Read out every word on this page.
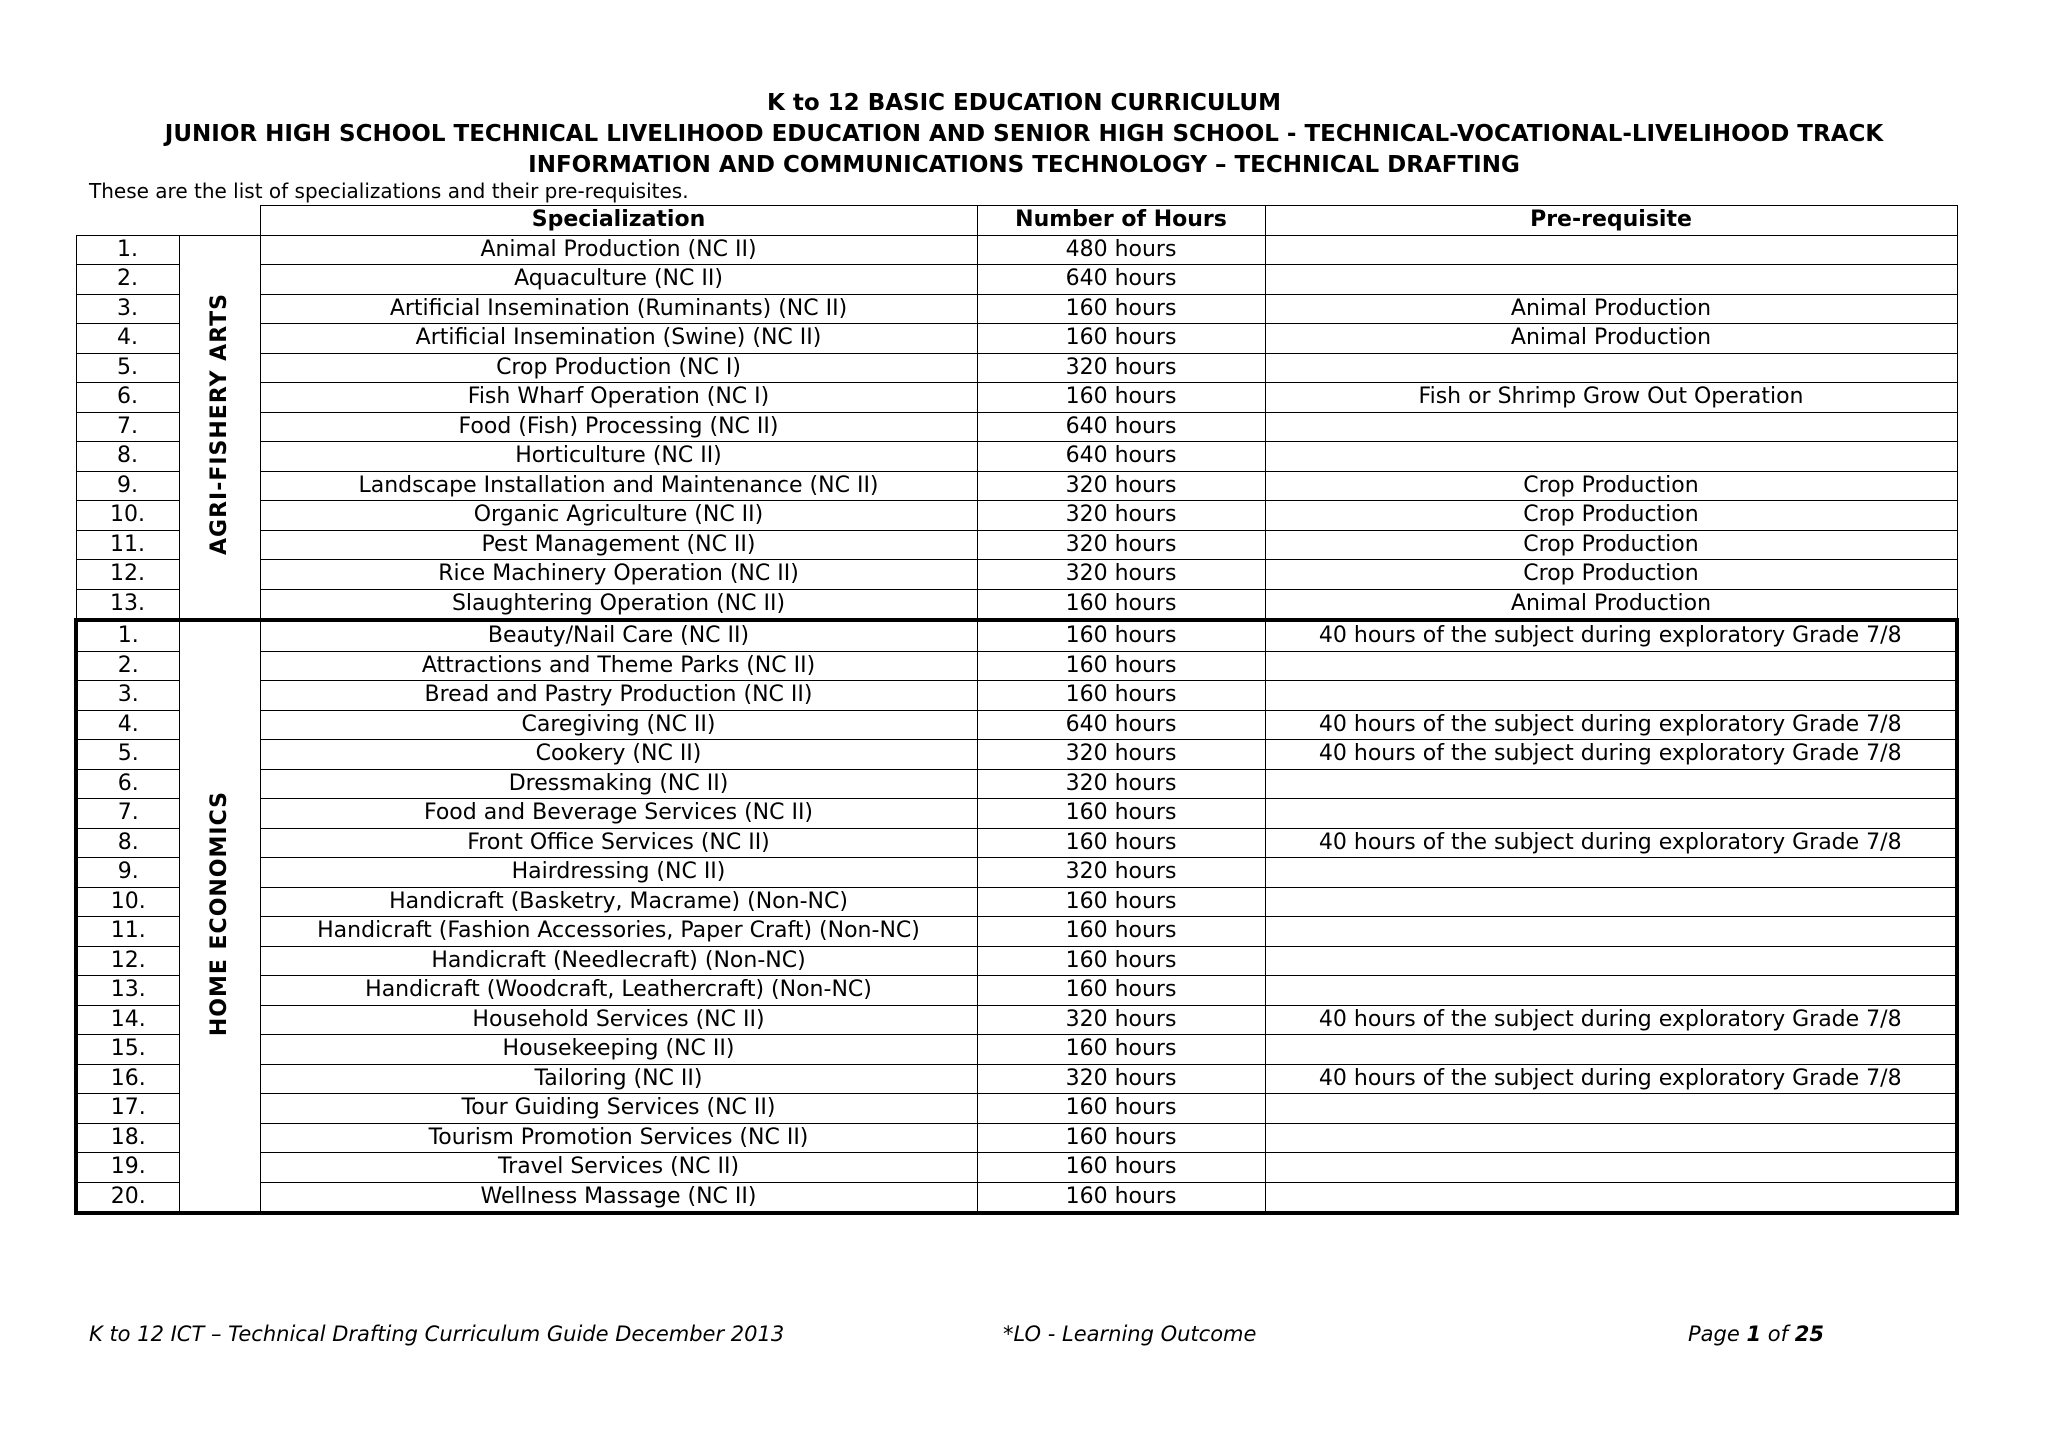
K to 12 BASIC EDUCATION CURRICULUM
JUNIOR HIGH SCHOOL TECHNICAL LIVELIHOOD EDUCATION AND SENIOR HIGH SCHOOL - TECHNICAL-VOCATIONAL-LIVELIHOOD TRACK
INFORMATION AND COMMUNICATIONS TECHNOLOGY – TECHNICAL DRAFTING
These are the list of specializations and their pre-requisites.
		Specialization	Number of Hours	Pre-requisite
1.	AGRI-FISHERY ARTS	Animal Production (NC II)	480 hours	
2.		Aquaculture (NC II)	640 hours	
3.		Artificial Insemination (Ruminants) (NC II)	160 hours	Animal Production
4.		Artificial Insemination (Swine) (NC II)	160 hours	Animal Production
5.		Crop Production (NC I)	320 hours	
6.		Fish Wharf Operation (NC I)	160 hours	Fish or Shrimp Grow Out Operation
7.		Food (Fish) Processing (NC II)	640 hours	
8.		Horticulture (NC II)	640 hours	
9.		Landscape Installation and Maintenance (NC II)	320 hours	Crop Production
10.		Organic Agriculture (NC II)	320 hours	Crop Production
11.		Pest Management (NC II)	320 hours	Crop Production
12.		Rice Machinery Operation (NC II)	320 hours	Crop Production
13.		Slaughtering Operation (NC II)	160 hours	Animal Production
1.	HOME ECONOMICS	Beauty/Nail Care (NC II)	160 hours	40 hours of the subject during exploratory Grade 7/8
2.		Attractions and Theme Parks (NC II)	160 hours	
3.		Bread and Pastry Production (NC II)	160 hours	
4.		Caregiving (NC II)	640 hours	40 hours of the subject during exploratory Grade 7/8
5.		Cookery (NC II)	320 hours	40 hours of the subject during exploratory Grade 7/8
6.		Dressmaking (NC II)	320 hours	
7.		Food and Beverage Services (NC II)	160 hours	
8.		Front Office Services (NC II)	160 hours	40 hours of the subject during exploratory Grade 7/8
9.		Hairdressing (NC II)	320 hours	
10.		Handicraft (Basketry, Macrame) (Non-NC)	160 hours	
11.		Handicraft (Fashion Accessories, Paper Craft) (Non-NC)	160 hours	
12.		Handicraft (Needlecraft) (Non-NC)	160 hours	
13.		Handicraft (Woodcraft, Leathercraft) (Non-NC)	160 hours	
14.		Household Services (NC II)	320 hours	40 hours of the subject during exploratory Grade 7/8
15.		Housekeeping (NC II)	160 hours	
16.		Tailoring (NC II)	320 hours	40 hours of the subject during exploratory Grade 7/8
17.		Tour Guiding Services (NC II)	160 hours	
18.		Tourism Promotion Services (NC II)	160 hours	
19.		Travel Services (NC II)	160 hours	
20.		Wellness Massage (NC II)	160 hours	
K to 12 ICT – Technical Drafting Curriculum Guide December 2013	*LO - Learning Outcome	Page 1 of 25
